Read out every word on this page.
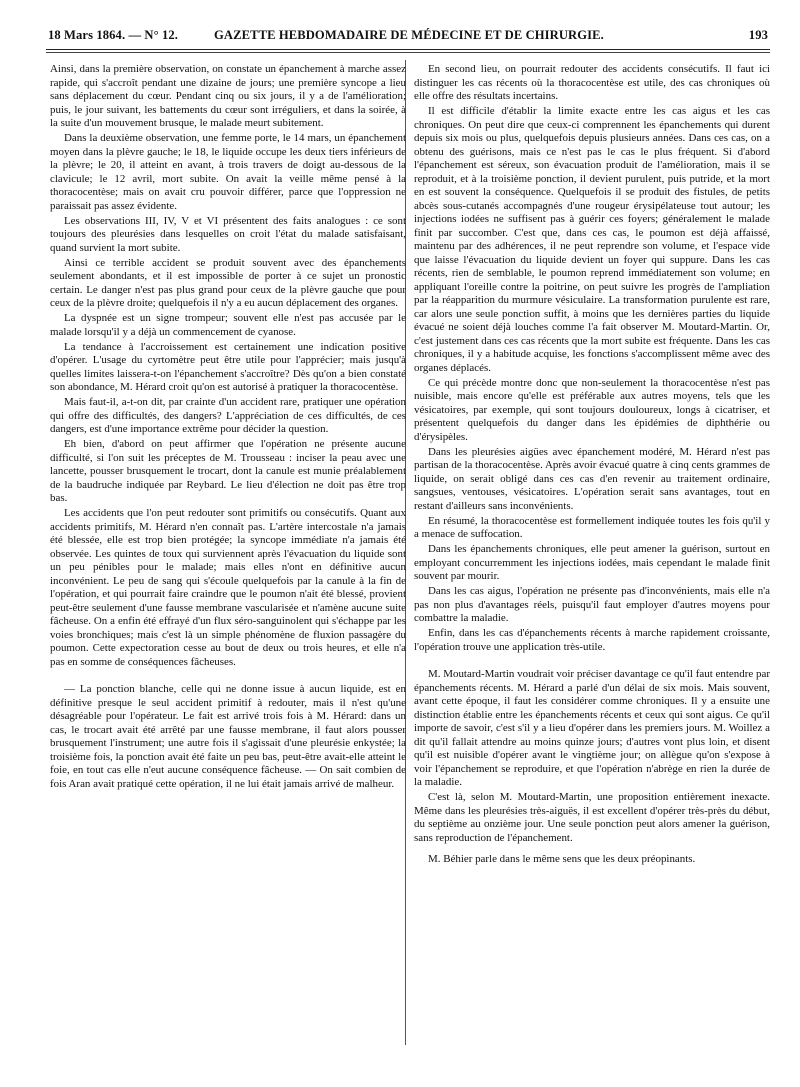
18 Mars 1864. — N° 12.	GAZETTE HEBDOMADAIRE DE MÉDECINE ET DE CHIRURGIE.	193

Ainsi, dans la première observation, on constate un épanchement à marche assez rapide, qui s'accroît pendant une dizaine de jours; une première syncope a lieu sans déplacement du cœur. Pendant cinq ou six jours, il y a de l'amélioration; puis, le jour suivant, les battements du cœur sont irréguliers, et dans la soirée, à la suite d'un mouvement brusque, le malade meurt subitement.

Dans la deuxième observation, une femme porte, le 14 mars, un épanchement moyen dans la plèvre gauche; le 18, le liquide occupe les deux tiers inférieurs de la plèvre; le 20, il atteint en avant, à trois travers de doigt au-dessous de la clavicule; le 12 avril, mort subite. On avait la veille même pensé à la thoracocentèse; mais on avait cru pouvoir différer, parce que l'oppression ne paraissait pas assez évidente.

Les observations III, IV, V et VI présentent des faits analogues : ce sont toujours des pleurésies dans lesquelles on croit l'état du malade satisfaisant, quand survient la mort subite.

Ainsi ce terrible accident se produit souvent avec des épanchements seulement abondants, et il est impossible de porter à ce sujet un pronostic certain. Le danger n'est pas plus grand pour ceux de la plèvre gauche que pour ceux de la plèvre droite; quelquefois il n'y a eu aucun déplacement des organes.

La dyspnée est un signe trompeur; souvent elle n'est pas accusée par le malade lorsqu'il y a déjà un commencement de cyanose.

La tendance à l'accroissement est certainement une indication positive d'opérer. L'usage du cyrtomètre peut être utile pour l'apprécier; mais jusqu'à quelles limites laissera-t-on l'épanchement s'accroître? Dès qu'on a bien constaté son abondance, M. Hérard croit qu'on est autorisé à pratiquer la thoracocentèse.

Mais faut-il, a-t-on dit, par crainte d'un accident rare, pratiquer une opération qui offre des difficultés, des dangers? L'appréciation de ces difficultés, de ces dangers, est d'une importance extrême pour décider la question.

Eh bien, d'abord on peut affirmer que l'opération ne présente aucune difficulté, si l'on suit les préceptes de M. Trousseau : inciser la peau avec une lancette, pousser brusquement le trocart, dont la canule est munie préalablement de la baudruche indiquée par Reybard. Le lieu d'élection ne doit pas être trop bas.

Les accidents que l'on peut redouter sont primitifs ou consécutifs. Quant aux accidents primitifs, M. Hérard n'en connaît pas. L'artère intercostale n'a jamais été blessée, elle est trop bien protégée; la syncope immédiate n'a jamais été observée. Les quintes de toux qui surviennent après l'évacuation du liquide sont un peu pénibles pour le malade; mais elles n'ont en définitive aucun inconvénient. Le peu de sang qui s'écoule quelquefois par la canule à la fin de l'opération, et qui pourrait faire craindre que le poumon n'ait été blessé, provient peut-être seulement d'une fausse membrane vascularisée et n'amène aucune suite fâcheuse. On a enfin été effrayé d'un flux séro-sanguinolent qui s'échappe par les voies bronchiques; mais c'est là un simple phénomène de fluxion passagère du poumon. Cette expectoration cesse au bout de deux ou trois heures, et elle n'a pas en somme de conséquences fâcheuses.

— La ponction blanche, celle qui ne donne issue à aucun liquide, est en définitive presque le seul accident primitif à redouter, mais il n'est qu'une désagréable pour l'opérateur. Le fait est arrivé trois fois à M. Hérard: dans un cas, le trocart avait été arrêté par une fausse membrane, il faut alors pousser brusquement l'instrument; une autre fois il s'agissait d'une pleurésie enkystée; la troisième fois, la ponction avait été faite un peu bas, peut-être avait-elle atteint le foie, en tout cas elle n'eut aucune conséquence fâcheuse. — On sait combien de fois Aran avait pratiqué cette opération, il ne lui était jamais arrivé de malheur.

En second lieu, on pourrait redouter des accidents consécutifs. Il faut ici distinguer les cas récents où la thoracocentèse est utile, des cas chroniques où elle offre des résultats incertains.

Il est difficile d'établir la limite exacte entre les cas aigus et les cas chroniques. On peut dire que ceux-ci comprennent les épanchements qui durent depuis six mois ou plus, quelquefois depuis plusieurs années. Dans ces cas, on a obtenu des guérisons, mais ce n'est pas le cas le plus fréquent. Si d'abord l'épanchement est séreux, son évacuation produit de l'amélioration, mais il se reproduit, et à la troisième ponction, il devient purulent, puis putride, et la mort en est souvent la conséquence. Quelquefois il se produit des fistules, de petits abcès sous-cutanés accompagnés d'une rougeur érysipélateuse tout autour; les injections iodées ne suffisent pas à guérir ces foyers; généralement le malade finit par succomber. C'est que, dans ces cas, le poumon est déjà affaissé, maintenu par des adhérences, il ne peut reprendre son volume, et l'espace vide que laisse l'évacuation du liquide devient un foyer qui suppure. Dans les cas récents, rien de semblable, le poumon reprend immédiatement son volume; en appliquant l'oreille contre la poitrine, on peut suivre les progrès de l'ampliation par la réapparition du murmure vésiculaire. La transformation purulente est rare, car alors une seule ponction suffit, à moins que les dernières parties du liquide évacué ne soient déjà louches comme l'a fait observer M. Moutard-Martin. Or, c'est justement dans ces cas récents que la mort subite est fréquente. Dans les cas chroniques, il y a habitude acquise, les fonctions s'accomplissent même avec des organes déplacés.

Ce qui précède montre donc que non-seulement la thoracocentèse n'est pas nuisible, mais encore qu'elle est préférable aux autres moyens, tels que les vésicatoires, par exemple, qui sont toujours douloureux, longs à cicatriser, et présentent quelquefois du danger dans les épidémies de diphthérie ou d'érysipèles.

Dans les pleurésies aigües avec épanchement modéré, M. Hérard n'est pas partisan de la thoracocentèse. Après avoir évacué quatre à cinq cents grammes de liquide, on serait obligé dans ces cas d'en revenir au traitement ordinaire, sangsues, ventouses, vésicatoires. L'opération serait sans avantages, tout en restant d'ailleurs sans inconvénients.

En résumé, la thoracocentèse est formellement indiquée toutes les fois qu'il y a menace de suffocation.

Dans les épanchements chroniques, elle peut amener la guérison, surtout en employant concurremment les injections iodées, mais cependant le malade finit souvent par mourir.

Dans les cas aigus, l'opération ne présente pas d'inconvénients, mais elle n'a pas non plus d'avantages réels, puisqu'il faut employer d'autres moyens pour combattre la maladie.

Enfin, dans les cas d'épanchements récents à marche rapidement croissante, l'opération trouve une application très-utile.

M. Moutard-Martin voudrait voir préciser davantage ce qu'il faut entendre par épanchements récents. M. Hérard a parlé d'un délai de six mois. Mais souvent, avant cette époque, il faut les considérer comme chroniques. Il y a ensuite une distinction établie entre les épanchements récents et ceux qui sont aigus. Ce qu'il importe de savoir, c'est s'il y a lieu d'opérer dans les premiers jours. M. Woillez a dit qu'il fallait attendre au moins quinze jours; d'autres vont plus loin, et disent qu'il est nuisible d'opérer avant le vingtième jour; on allègue qu'on s'expose à voir l'épanchement se reproduire, et que l'opération n'abrège en rien la durée de la maladie.

C'est là, selon M. Moutard-Martin, une proposition entièrement inexacte. Même dans les pleurésies très-aiguës, il est excellent d'opérer très-près du début, du septième au onzième jour. Une seule ponction peut alors amener la guérison, sans reproduction de l'épanchement.

M. Béhier parle dans le même sens que les deux préopinants.
